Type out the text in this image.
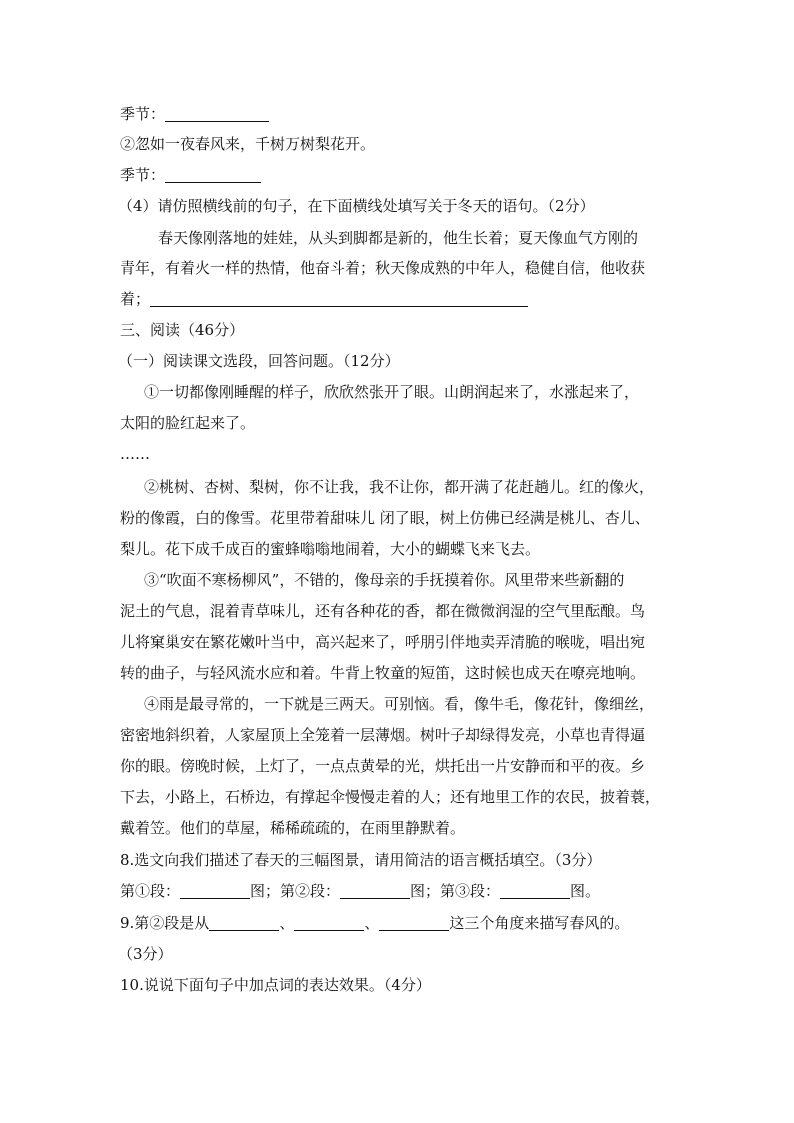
季节：
②忽如一夜春风来，千树万树梨花开。
季节：
（4）请仿照横线前的句子，在下面横线处填写关于冬天的语句。（2分）
春天像刚落地的娃娃，从头到脚都是新的，他生长着；夏天像血气方刚的
青年，有着火一样的热情，他奋斗着；秋天像成熟的中年人，稳健自信，他收获
着；
三、阅读（46分）
（一）阅读课文选段，回答问题。（12分）
①一切都像刚睡醒的样子，欣欣然张开了眼。山朗润起来了，水涨起来了，
太阳的脸红起来了。
……
②桃树、杏树、梨树，你不让我，我不让你，都开满了花赶趟儿。红的像火，
粉的像霞，白的像雪。花里带着甜味儿 闭了眼，树上仿佛已经满是桃儿、杏儿、
梨儿。花下成千成百的蜜蜂嗡嗡地闹着，大小的蝴蝶飞来飞去。
③“吹面不寒杨柳风”，不错的，像母亲的手抚摸着你。风里带来些新翻的
泥土的气息，混着青草味儿，还有各种花的香，都在微微润湿的空气里酝酿。鸟
儿将窠巢安在繁花嫩叶当中，高兴起来了，呼朋引伴地卖弄清脆的喉咙，唱出宛
转的曲子，与轻风流水应和着。牛背上牧童的短笛，这时候也成天在嘹亮地响。
④雨是最寻常的，一下就是三两天。可别恼。看，像牛毛，像花针，像细丝，
密密地斜织着，人家屋顶上全笼着一层薄烟。树叶子却绿得发亮，小草也青得逼
你的眼。傍晚时候，上灯了，一点点黄晕的光，烘托出一片安静而和平的夜。乡
下去，小路上，石桥边，有撑起伞慢慢走着的人；还有地里工作的农民，披着蓑，
戴着笠。他们的草屋，稀稀疏疏的，在雨里静默着。
8.选文向我们描述了春天的三幅图景，请用简洁的语言概括填空。（3分）
第①段：	图；第②段：	图；第③段：	图。
9.第②段是从	、	、	这三个角度来描写春风的。
（3分）
10.说说下面句子中加点词的表达效果。（4分）
